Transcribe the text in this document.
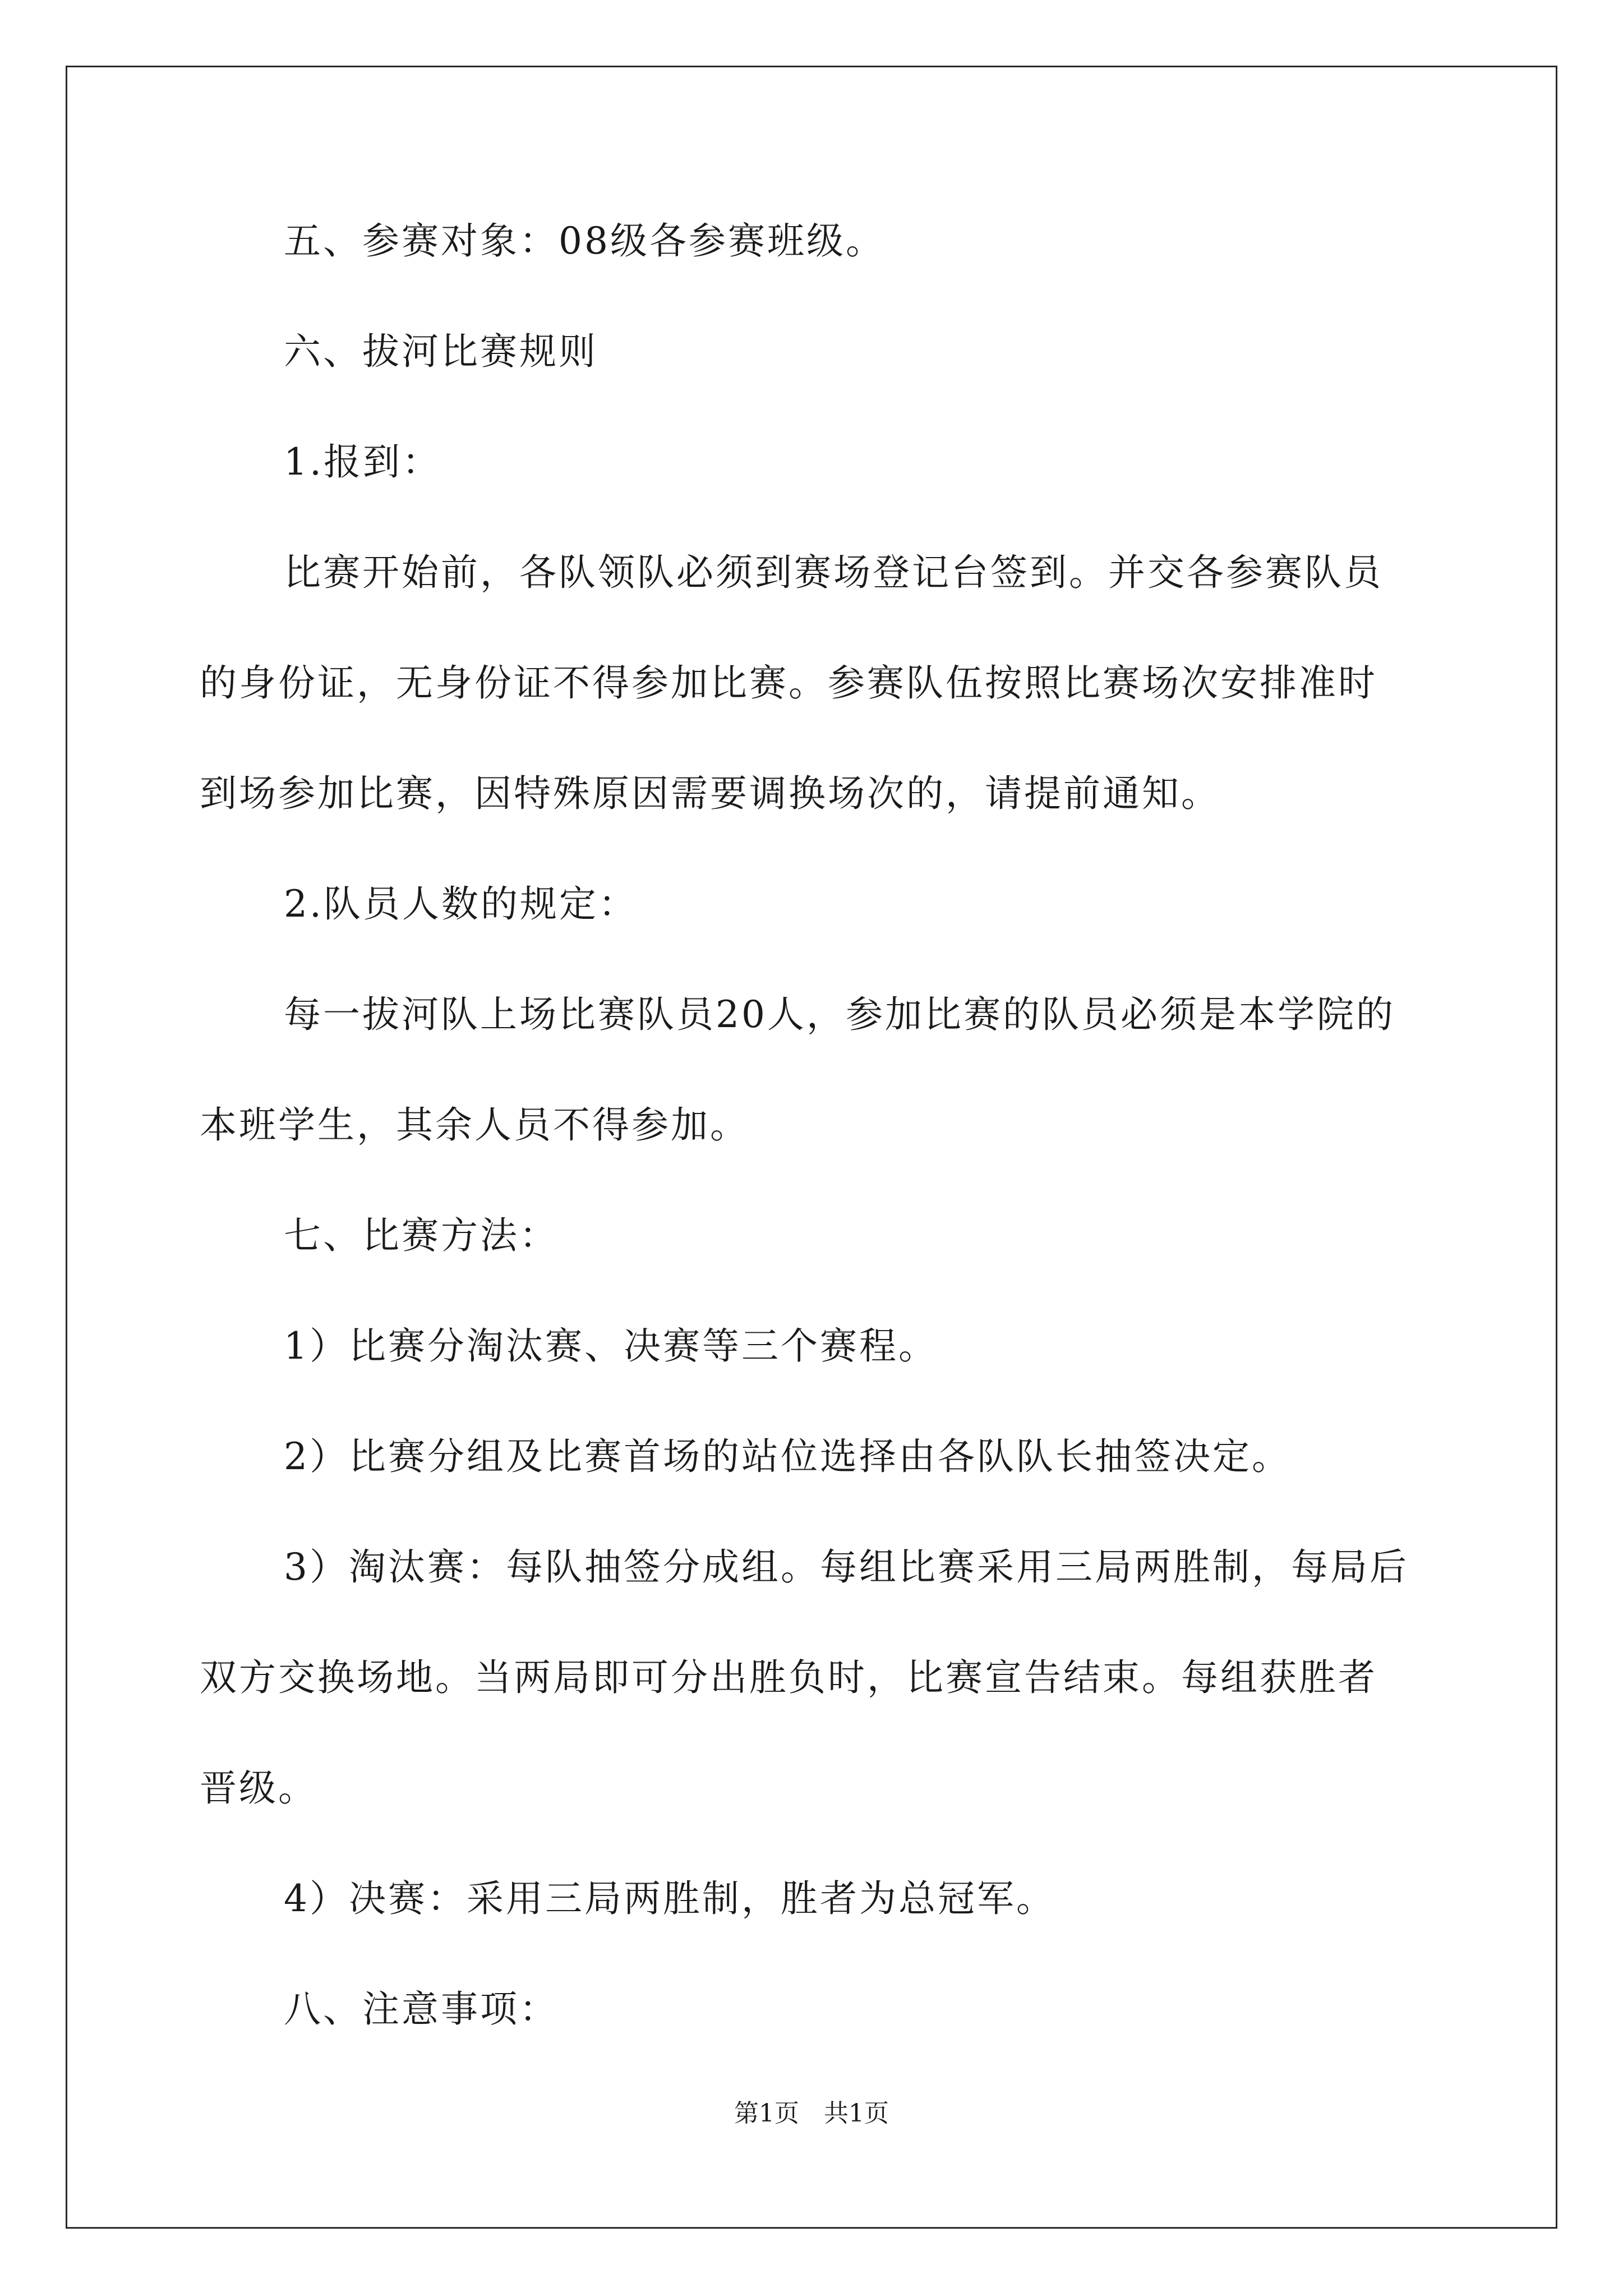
五、参赛对象：08级各参赛班级。
六、拔河比赛规则
1.报到：
比赛开始前，各队领队必须到赛场登记台签到。并交各参赛队员
的身份证，无身份证不得参加比赛。参赛队伍按照比赛场次安排准时
到场参加比赛，因特殊原因需要调换场次的，请提前通知。
2.队员人数的规定：
每一拔河队上场比赛队员20人，参加比赛的队员必须是本学院的
本班学生，其余人员不得参加。
七、比赛方法：
1）比赛分淘汰赛、决赛等三个赛程。
2）比赛分组及比赛首场的站位选择由各队队长抽签决定。
3）淘汰赛：每队抽签分成组。每组比赛采用三局两胜制，每局后
双方交换场地。当两局即可分出胜负时，比赛宣告结束。每组获胜者
晋级。
4）决赛：采用三局两胜制，胜者为总冠军。
八、注意事项：
第1页　共1页
